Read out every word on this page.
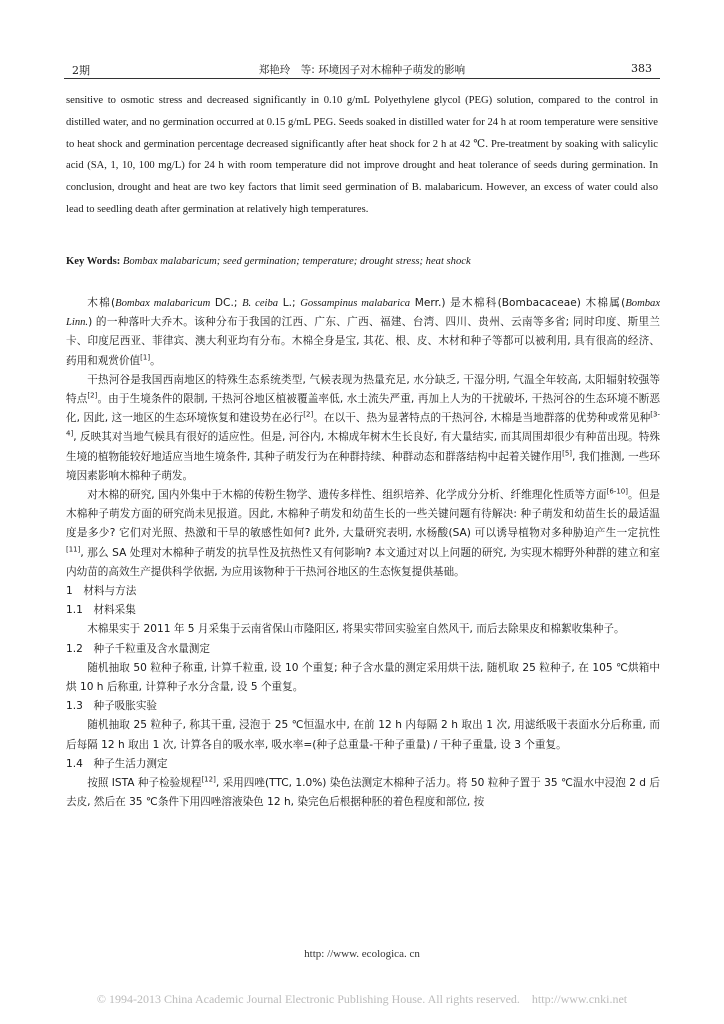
2期	郑艳玲　等: 环境因子对木棉种子萌发的影响	383

sensitive to osmotic stress and decreased significantly in 0.10 g/mL Polyethylene glycol (PEG) solution, compared to the control in distilled water, and no germination occurred at 0.15 g/mL PEG. Seeds soaked in distilled water for 24 h at room temperature were sensitive to heat shock and germination percentage decreased significantly after heat shock for 2 h at 42 ℃. Pre-treatment by soaking with salicylic acid (SA, 1, 10, 100 mg/L) for 24 h with room temperature did not improve drought and heat tolerance of seeds during germination. In conclusion, drought and heat are two key factors that limit seed germination of B. malabaricum. However, an excess of water could also lead to seedling death after germination at relatively high temperatures.

Key Words: Bombax malabaricum; seed germination; temperature; drought stress; heat shock

木棉(Bombax malabaricum DC.; B. ceiba L.; Gossampinus malabarica Merr.) 是木棉科(Bombacaceae) 木棉属(Bombax Linn.) 的一种落叶大乔木。该种分布于我国的江西、广东、广西、福建、台湾、四川、贵州、云南等多省; 同时印度、斯里兰卡、印度尼西亚、菲律宾、澳大利亚均有分布。木棉全身是宝, 其花、根、皮、木材和种子等都可以被利用, 具有很高的经济、药用和观赏价值[1]。

干热河谷是我国西南地区的特殊生态系统类型, 气候表现为热量充足, 水分缺乏, 干湿分明, 气温全年较高, 太阳辐射较强等特点[2]。由于生境条件的限制, 干热河谷地区植被覆盖率低, 水土流失严重, 再加上人为的干扰破坏, 干热河谷的生态环境不断恶化, 因此, 这一地区的生态环境恢复和建设势在必行[2]。在以干、热为显著特点的干热河谷, 木棉是当地群落的优势种或常见种[3-4], 反映其对当地气候具有很好的适应性。但是, 河谷内, 木棉成年树木生长良好, 有大量结实, 而其周围却很少有种苗出现。特殊生境的植物能较好地适应当地生境条件, 其种子萌发行为在种群持续、种群动态和群落结构中起着关键作用[5], 我们推测, 一些环境因素影响木棉种子萌发。

对木棉的研究, 国内外集中于木棉的传粉生物学、遗传多样性、组织培养、化学成分分析、纤维理化性质等方面[6-10]。但是木棉种子萌发方面的研究尚未见报道。因此, 木棉种子萌发和幼苗生长的一些关键问题有待解决: 种子萌发和幼苗生长的最适温度是多少? 它们对光照、热激和干旱的敏感性如何? 此外, 大量研究表明, 水杨酸(SA) 可以诱导植物对多种胁迫产生一定抗性[11], 那么 SA 处理对木棉种子萌发的抗旱性及抗热性又有何影响? 本文通过对以上问题的研究, 为实现木棉野外种群的建立和室内幼苗的高效生产提供科学依据, 为应用该物种于干热河谷地区的生态恢复提供基础。

1　材料与方法

1.1　材料采集

木棉果实于 2011 年 5 月采集于云南省保山市隆阳区, 将果实带回实验室自然风干, 而后去除果皮和棉絮收集种子。

1.2　种子千粒重及含水量测定

随机抽取 50 粒种子称重, 计算千粒重, 设 10 个重复; 种子含水量的测定采用烘干法, 随机取 25 粒种子, 在 105 ℃烘箱中烘 10 h 后称重, 计算种子水分含量, 设 5 个重复。

1.3　种子吸胀实验

随机抽取 25 粒种子, 称其干重, 浸泡于 25 ℃恒温水中, 在前 12 h 内每隔 2 h 取出 1 次, 用滤纸吸干表面水分后称重, 而后每隔 12 h 取出 1 次, 计算各自的吸水率, 吸水率=(种子总重量-干种子重量) / 干种子重量, 设 3 个重复。

1.4　种子生活力测定

按照 ISTA 种子检验规程[12], 采用四唑(TTC, 1.0%) 染色法测定木棉种子活力。将 50 粒种子置于 35 ℃温水中浸泡 2 d 后去皮, 然后在 35 ℃条件下用四唑溶液染色 12 h, 染完色后根据种胚的着色程度和部位, 按

http: //www. ecologica. cn
© 1994-2013 China Academic Journal Electronic Publishing House. All rights reserved.　http://www.cnki.net
